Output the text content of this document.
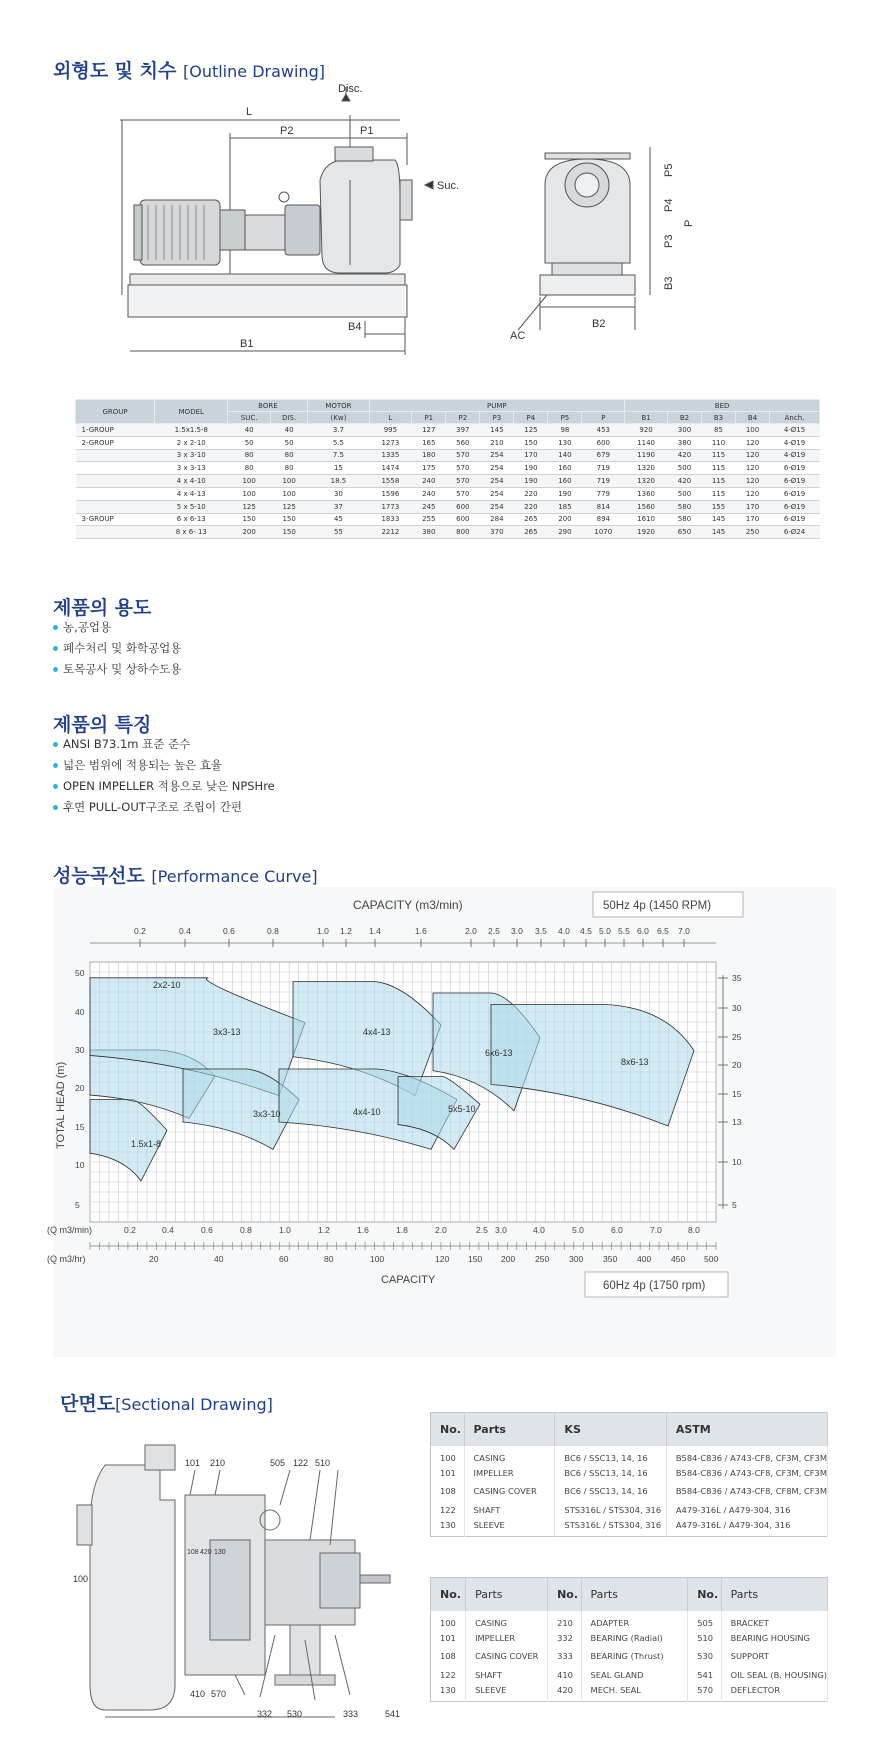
외형도 및 치수 [Outline Drawing]
Disc.
Suc.
L
P2	P1
B4
B1
B2
AC
P5
P4
P
P3
B3
GROUP	MODEL	BORE		MOTOR	PUMP							BED				
		SUC.	DIS.	(Kw)	L	P1	P2	P3	P4	P5	P	B1	B2	B3	B4	Anch.
1-GROUP	1.5x1.5-8	40	40	3.7	995	127	397	145	125	98	453	920	300	85	100	4-Ø15
2-GROUP	2 x 2-10	50	50	5.5	1273	165	560	210	150	130	600	1140	380	110	120	4-Ø19
	3 x 3-10	80	80	7.5	1335	180	570	254	170	140	679	1190	420	115	120	4-Ø19
	3 x 3-13	80	80	15	1474	175	570	254	190	160	719	1320	500	115	120	6-Ø19
	4 x 4-10	100	100	18.5	1558	240	570	254	190	160	719	1320	420	115	120	6-Ø19
	4 x 4-13	100	100	30	1596	240	570	254	220	190	779	1360	500	115	120	6-Ø19
	5 x 5-10	125	125	37	1773	245	600	254	220	185	814	1560	580	155	170	6-Ø19
3-GROUP	6 x 6-13	150	150	45	1833	255	600	284	265	200	894	1610	580	145	170	6-Ø19
	8 x 6- 13	200	150	55	2212	380	800	370	265	290	1070	1920	650	145	250	6-Ø24
제품의 용도
농,공업용
폐수처리 및 화학공업용
토목공사 및 상하수도용
제품의 특징
ANSI B73.1m 표준 준수
넓은 범위에 적용되는 높은 효율
OPEN IMPELLER 적용으로 낮은 NPSHre
후면 PULL-OUT구조로 조립이 간편
성능곡선도 [Performance Curve]
1.5x1-8
2x2-10
3x3-13
3x3-10
4x4-13
4x4-10	5x5-10
6x6-13
8x6-13
CAPACITY (m3/min)	50Hz 4p (1450 RPM)
0.2	0.4	0.6	0.8	1.0 1.2 1.4	1.6	2.0 2.5 3.0 3.5 4.0 4.5 5.0 5.5 6.0 6.5 7.0
50
40
30
20
15
10
5
35
30
25
20
15
13
10
5
TOTAL HEAD (m)
(Q m3/min)	0.2	0.4	0.6	0.8	1.0	1.2	1.6	1.8	2.0	2.5 3.0	4.0	5.0	6.0	7.0	8.0
(Q m3/hr)	20	40	60	80	100	120 150 200 250 300 350 400 450 500
CAPACITY	60Hz 4p (1750 rpm)
단면도[Sectional Drawing]
101 210	505 122 510
108 420 130
100
410 570
332 530	333	541
No.	Parts	KS	ASTM
100	CASING	BC6 / SSC13, 14, 16	B584-C836 / A743-CF8, CF3M, CF3M
101	IMPELLER	BC6 / SSC13, 14, 16	B584-C836 / A743-CF8, CF3M, CF3M
108	CASING COVER	BC6 / SSC13, 14, 16	B584-C836 / A743-CF8, CF8M, CF3M
122	SHAFT	STS316L / STS304, 316	A479-316L / A479-304, 316
130	SLEEVE	STS316L / STS304, 316	A479-316L / A479-304, 316
No.	Parts	No.	Parts	No.	Parts
100	CASING	210	ADAPTER	505	BRACKET
101	IMPELLER	332	BEARING (Radial)	510	BEARING HOUSING
108	CASING COVER	333	BEARING (Thrust)	530	SUPPORT
122	SHAFT	410	SEAL GLAND	541	OIL SEAL (B. HOUSING)
130	SLEEVE	420	MECH. SEAL	570	DEFLECTOR
